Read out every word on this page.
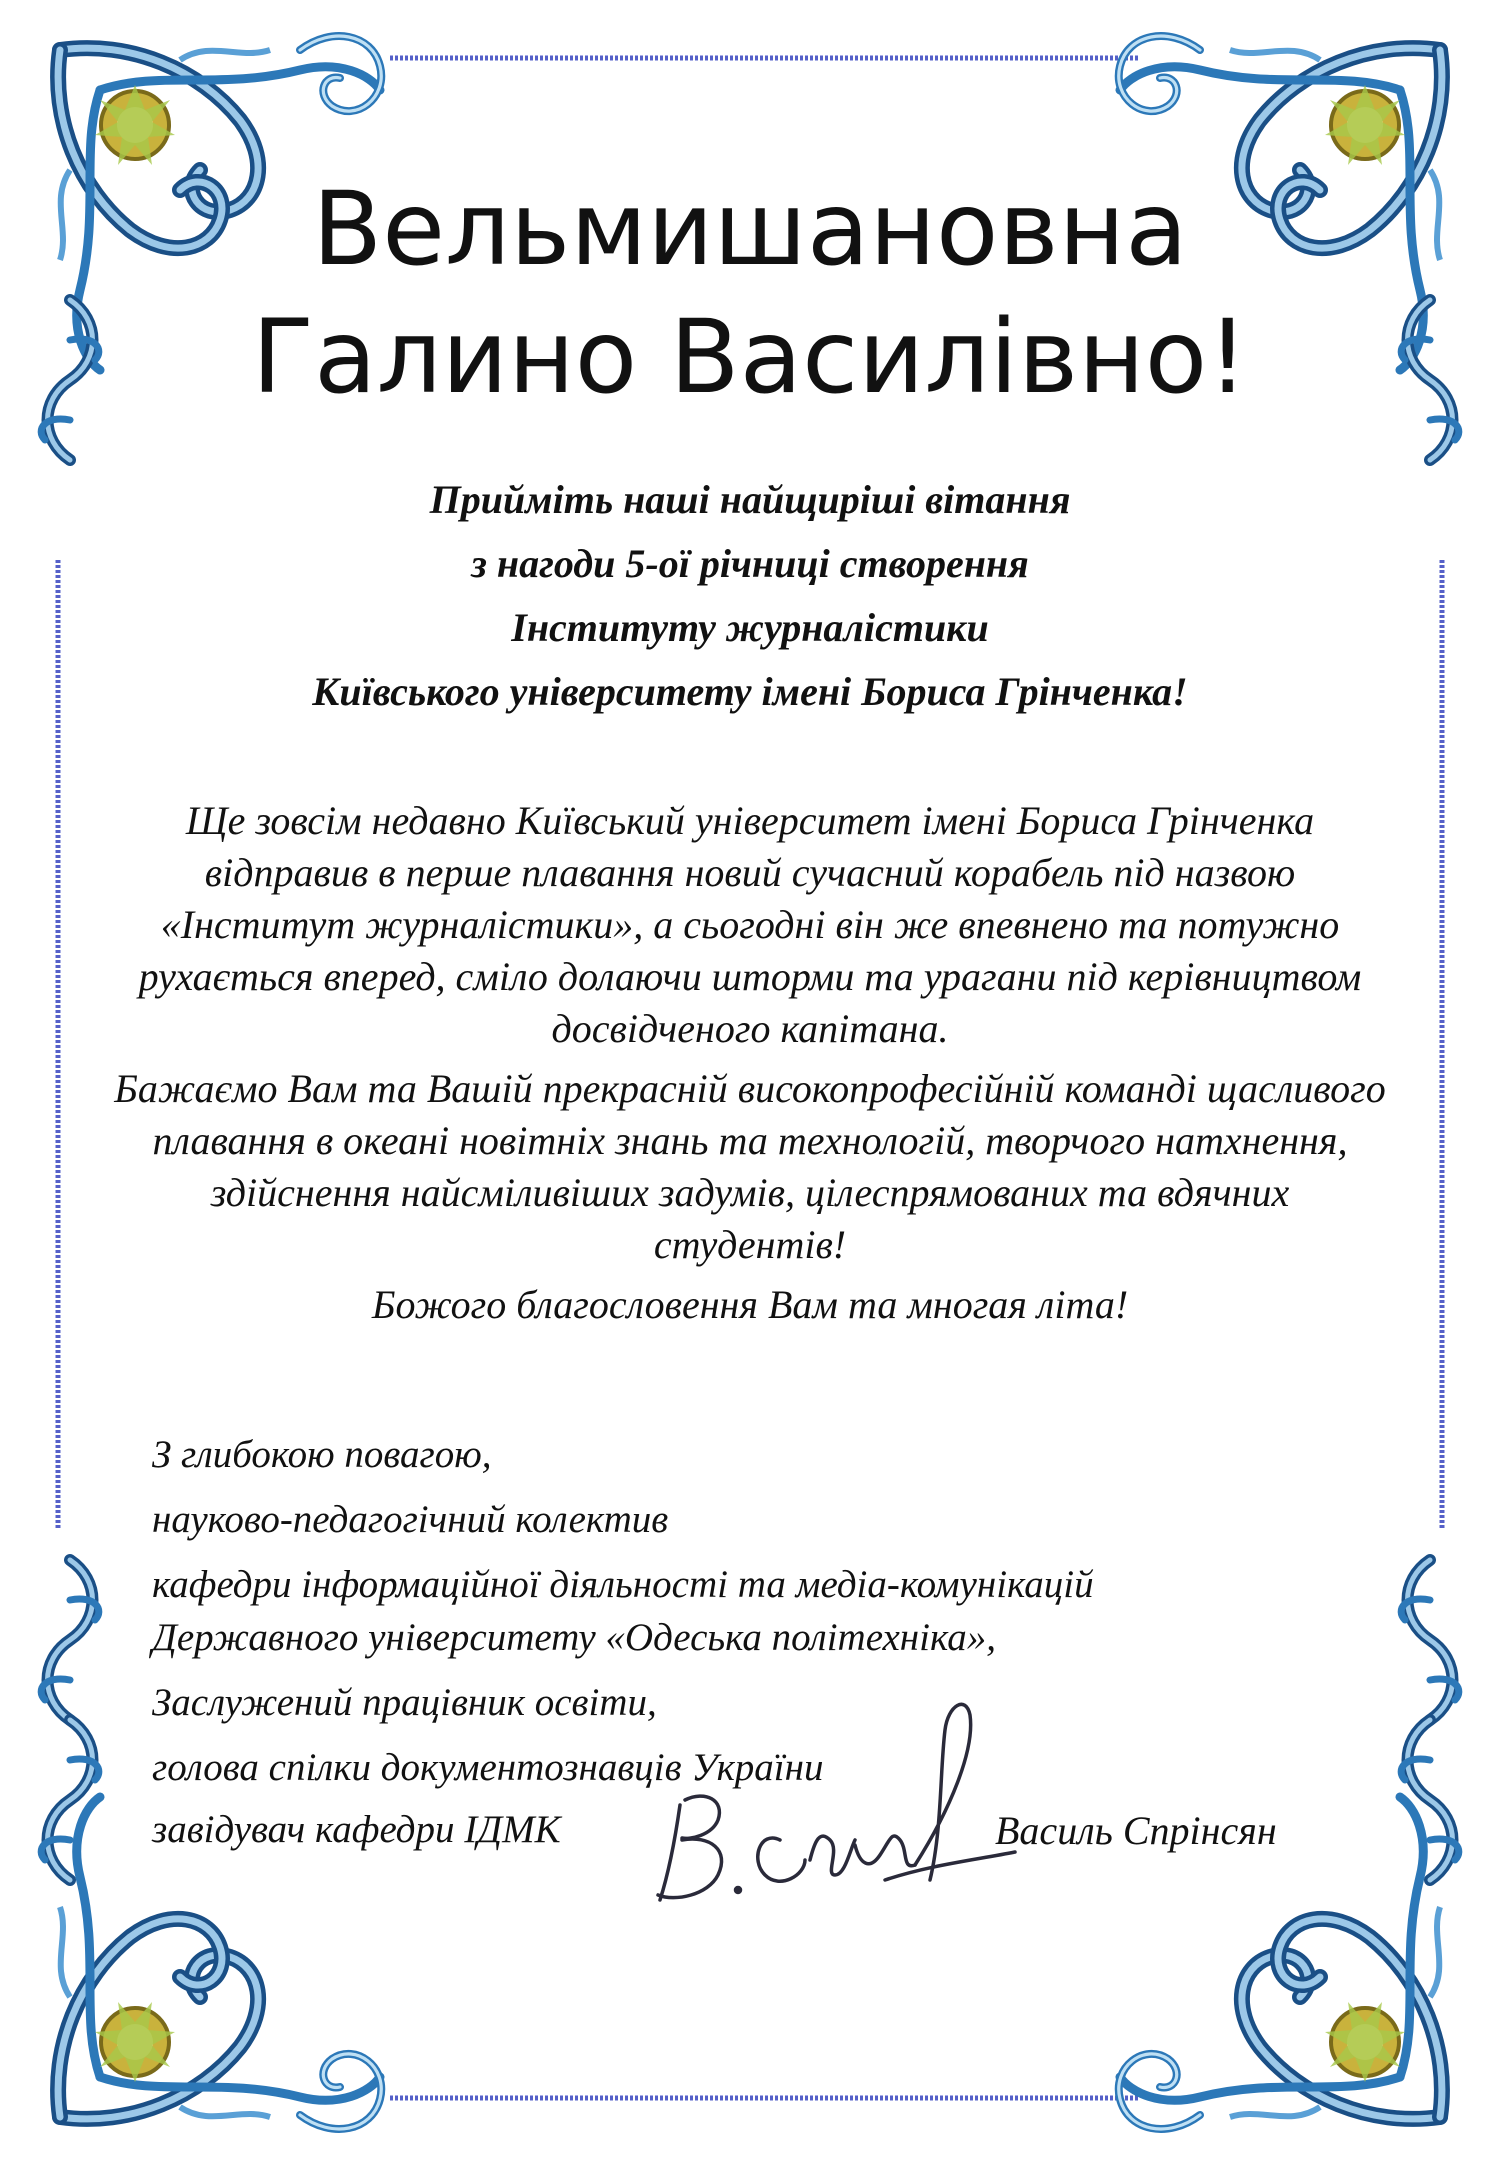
Вельмишановна
Галино Василівно!
Прийміть наші найщиріші вітання
з нагоди 5-ої річниці створення
Інституту журналістики
Київського університету імені Бориса Грінченка!

Ще зовсім недавно Київський університет імені Бориса Грінченка відправив в перше плавання новий сучасний корабель під назвою «Інститут журналістики», а сьогодні він же впевнено та потужно рухається вперед, сміло долаючи шторми та урагани під керівництвом досвідченого капітана.

Бажаємо Вам та Вашій прекрасній високопрофесійній команді щасливого плавання в океані новітніх знань та технологій, творчого натхнення, здійснення найсміливіших задумів, цілеспрямованих та вдячних студентів!

Божого благословення Вам та многая літа!

З глибокою повагою,
науково-педагогічний колектив
кафедри інформаційної діяльності та медіа-комунікацій
Державного університету «Одеська політехніка»,
Заслужений працівник освіти,
голова спілки документознавців України
завідувач кафедри ІДМК	Василь Спрінсян
